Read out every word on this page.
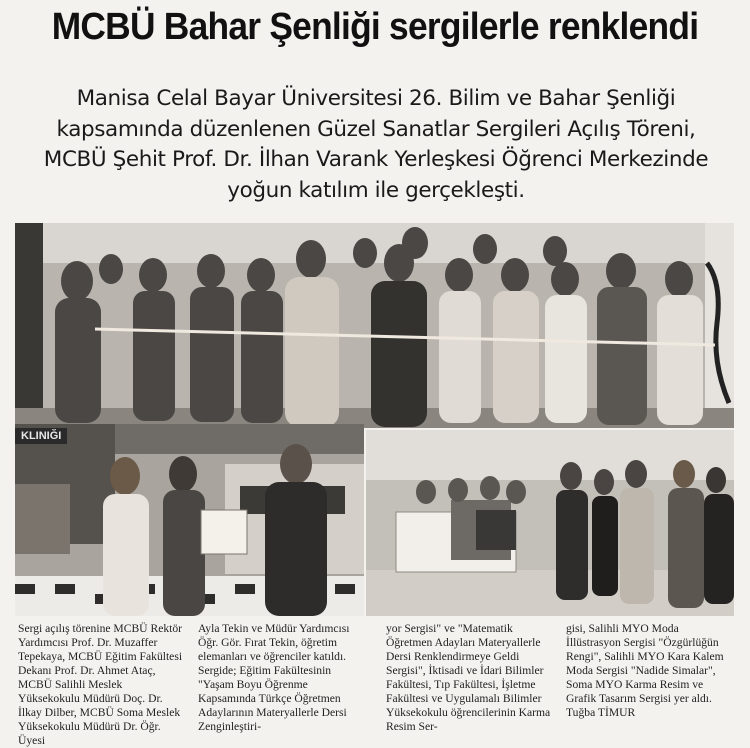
MCBÜ Bahar Şenliği sergilerle renklendi
Manisa Celal Bayar Üniversitesi 26. Bilim ve Bahar Şenliği kapsamında düzenlenen Güzel Sanatlar Sergileri Açılış Töreni, MCBÜ Şehit Prof. Dr. İlhan Varank Yerleşkesi Öğrenci Merkezinde yoğun katılım ile gerçekleşti.
KLINIĞI

Sergi açılış törenine MCBÜ Rektör Yardımcısı Prof. Dr. Muzaffer Tepekaya, MCBÜ Eğitim Fakültesi Dekanı Prof. Dr. Ahmet Ataç, MCBÜ Salihli Meslek Yüksekokulu Müdürü Doç. Dr. İlkay Dilber, MCBÜ Soma Meslek Yüksekokulu Müdürü Dr. Öğr. Üyesi

Ayla Tekin ve Müdür Yardımcısı Öğr. Gör. Fırat Tekin, öğretim elemanları ve öğrenciler katıldı. Sergide; Eğitim Fakültesinin "Yaşam Boyu Öğrenme Kapsamında Türkçe Öğretmen Adaylarının Materyallerle Dersi Zenginleştiri-

yor Sergisi" ve "Matematik Öğretmen Adayları Materyallerle Dersi Renklendirmeye Geldi Sergisi", İktisadi ve İdari Bilimler Fakültesi, Tıp Fakültesi, İşletme Fakültesi ve Uygulamalı Bilimler Yüksekokulu öğrencilerinin Karma Resim Ser-

gisi, Salihli MYO Moda İllüstrasyon Sergisi "Özgürlüğün Rengi", Salihli MYO Kara Kalem Moda Sergisi "Nadide Simalar", Soma MYO Karma Resim ve Grafik Tasarım Sergisi yer aldı. Tuğba TİMUR
